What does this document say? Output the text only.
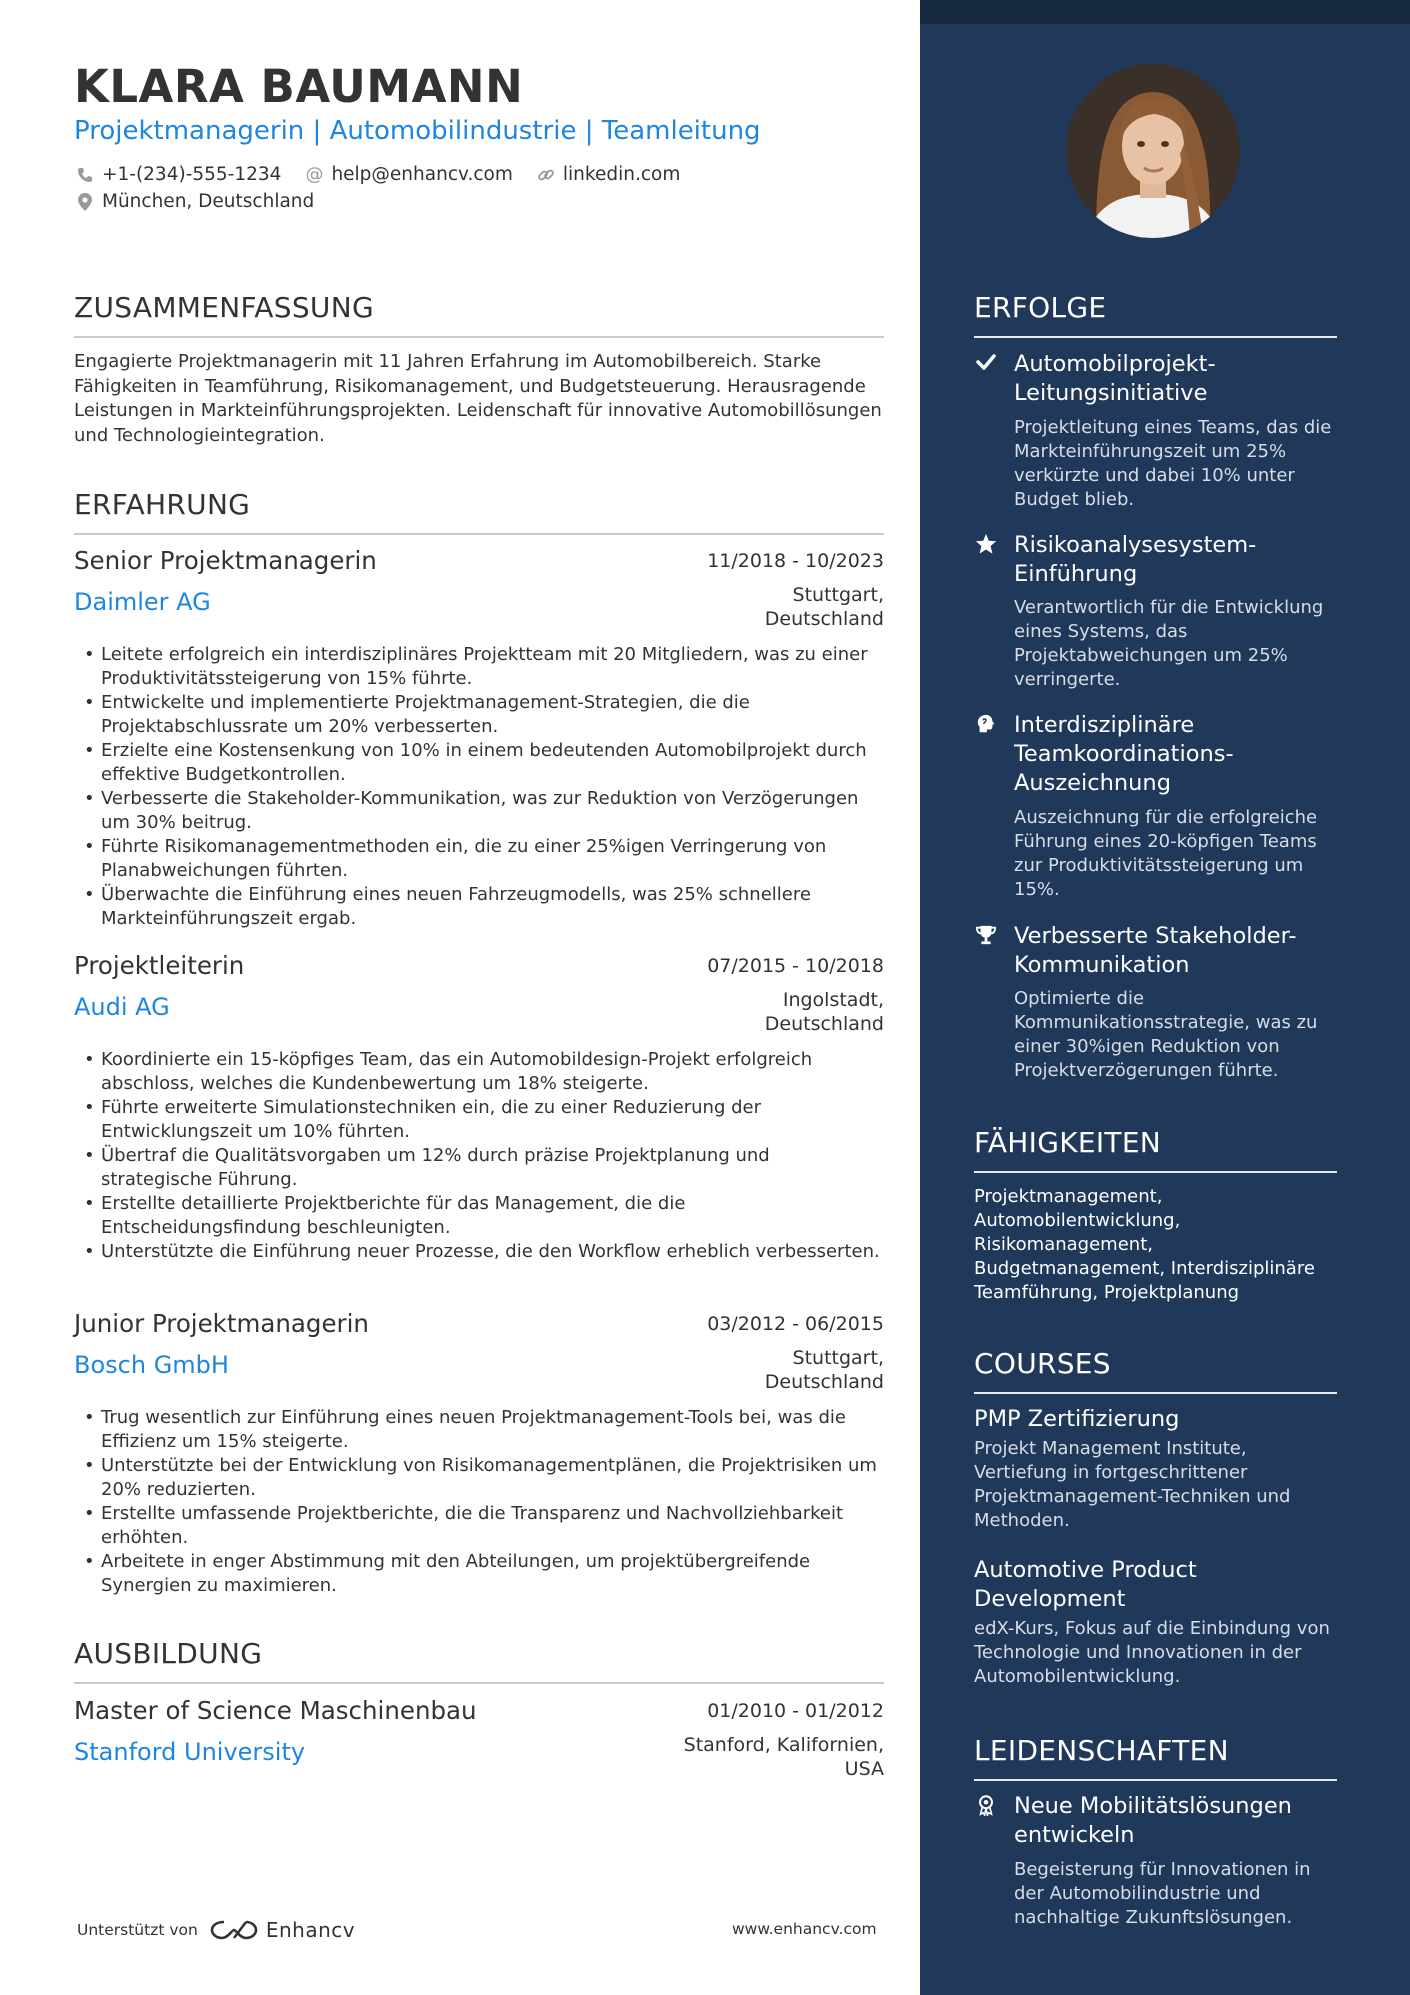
KLARA BAUMANN
Projektmanagerin | Automobilindustrie | Teamleitung
+1-(234)-555-1234 @ help@enhancv.com	linkedin.com
München, Deutschland
ZUSAMMENFASSUNG
Engagierte Projektmanagerin mit 11 Jahren Erfahrung im Automobilbereich. Starke Fähigkeiten in Teamführung, Risikomanagement, und Budgetsteuerung. Herausragende Leistungen in Markteinführungsprojekten. Leidenschaft für innovative Automobillösungen und Technologieintegration.
ERFAHRUNG
Senior Projektmanagerin	11/2018 - 10/2023
Daimler AG	Stuttgart,
Deutschland
• Leitete erfolgreich ein interdisziplinäres Projektteam mit 20 Mitgliedern, was zu einer Produktivitätssteigerung von 15% führte.
• Entwickelte und implementierte Projektmanagement-Strategien, die die Projektabschlussrate um 20% verbesserten.
• Erzielte eine Kostensenkung von 10% in einem bedeutenden Automobilprojekt durch effektive Budgetkontrollen.
• Verbesserte die Stakeholder-Kommunikation, was zur Reduktion von Verzögerungen um 30% beitrug.
• Führte Risikomanagementmethoden ein, die zu einer 25%igen Verringerung von Planabweichungen führten.
• Überwachte die Einführung eines neuen Fahrzeugmodells, was 25% schnellere Markteinführungszeit ergab.
Projektleiterin	07/2015 - 10/2018
Audi AG	Ingolstadt,
Deutschland
• Koordinierte ein 15-köpfiges Team, das ein Automobildesign-Projekt erfolgreich abschloss, welches die Kundenbewertung um 18% steigerte.
• Führte erweiterte Simulationstechniken ein, die zu einer Reduzierung der Entwicklungszeit um 10% führten.
• Übertraf die Qualitätsvorgaben um 12% durch präzise Projektplanung und strategische Führung.
• Erstellte detaillierte Projektberichte für das Management, die die Entscheidungsfindung beschleunigten.
• Unterstützte die Einführung neuer Prozesse, die den Workflow erheblich verbesserten.
Junior Projektmanagerin	03/2012 - 06/2015
Bosch GmbH	Stuttgart,
Deutschland
• Trug wesentlich zur Einführung eines neuen Projektmanagement-Tools bei, was die Effizienz um 15% steigerte.
• Unterstützte bei der Entwicklung von Risikomanagementplänen, die Projektrisiken um 20% reduzierten.
• Erstellte umfassende Projektberichte, die die Transparenz und Nachvollziehbarkeit erhöhten.
• Arbeitete in enger Abstimmung mit den Abteilungen, um projektübergreifende Synergien zu maximieren.
AUSBILDUNG
Master of Science Maschinenbau	01/2010 - 01/2012
Stanford University	Stanford, Kalifornien,
USA
Unterstützt von	Enhancv	www.enhancv.com
ERFOLGE
Automobilprojekt-Leitungsinitiative
Projektleitung eines Teams, das die Markteinführungszeit um 25% verkürzte und dabei 10% unter Budget blieb.
Risikoanalysesystem-Einführung
Verantwortlich für die Entwicklung eines Systems, das Projektabweichungen um 25% verringerte.
Interdisziplinäre Teamkoordinations-Auszeichnung
Auszeichnung für die erfolgreiche Führung eines 20-köpfigen Teams zur Produktivitätssteigerung um 15%.
Verbesserte Stakeholder-Kommunikation
Optimierte die Kommunikationsstrategie, was zu einer 30%igen Reduktion von Projektverzögerungen führte.
FÄHIGKEITEN
Projektmanagement, Automobilentwicklung, Risikomanagement, Budgetmanagement, Interdisziplinäre Teamführung, Projektplanung
COURSES
PMP Zertifizierung
Projekt Management Institute, Vertiefung in fortgeschrittener Projektmanagement-Techniken und Methoden.
Automotive Product Development
edX-Kurs, Fokus auf die Einbindung von Technologie und Innovationen in der Automobilentwicklung.
LEIDENSCHAFTEN
Neue Mobilitätslösungen entwickeln
Begeisterung für Innovationen in der Automobilindustrie und nachhaltige Zukunftslösungen.
